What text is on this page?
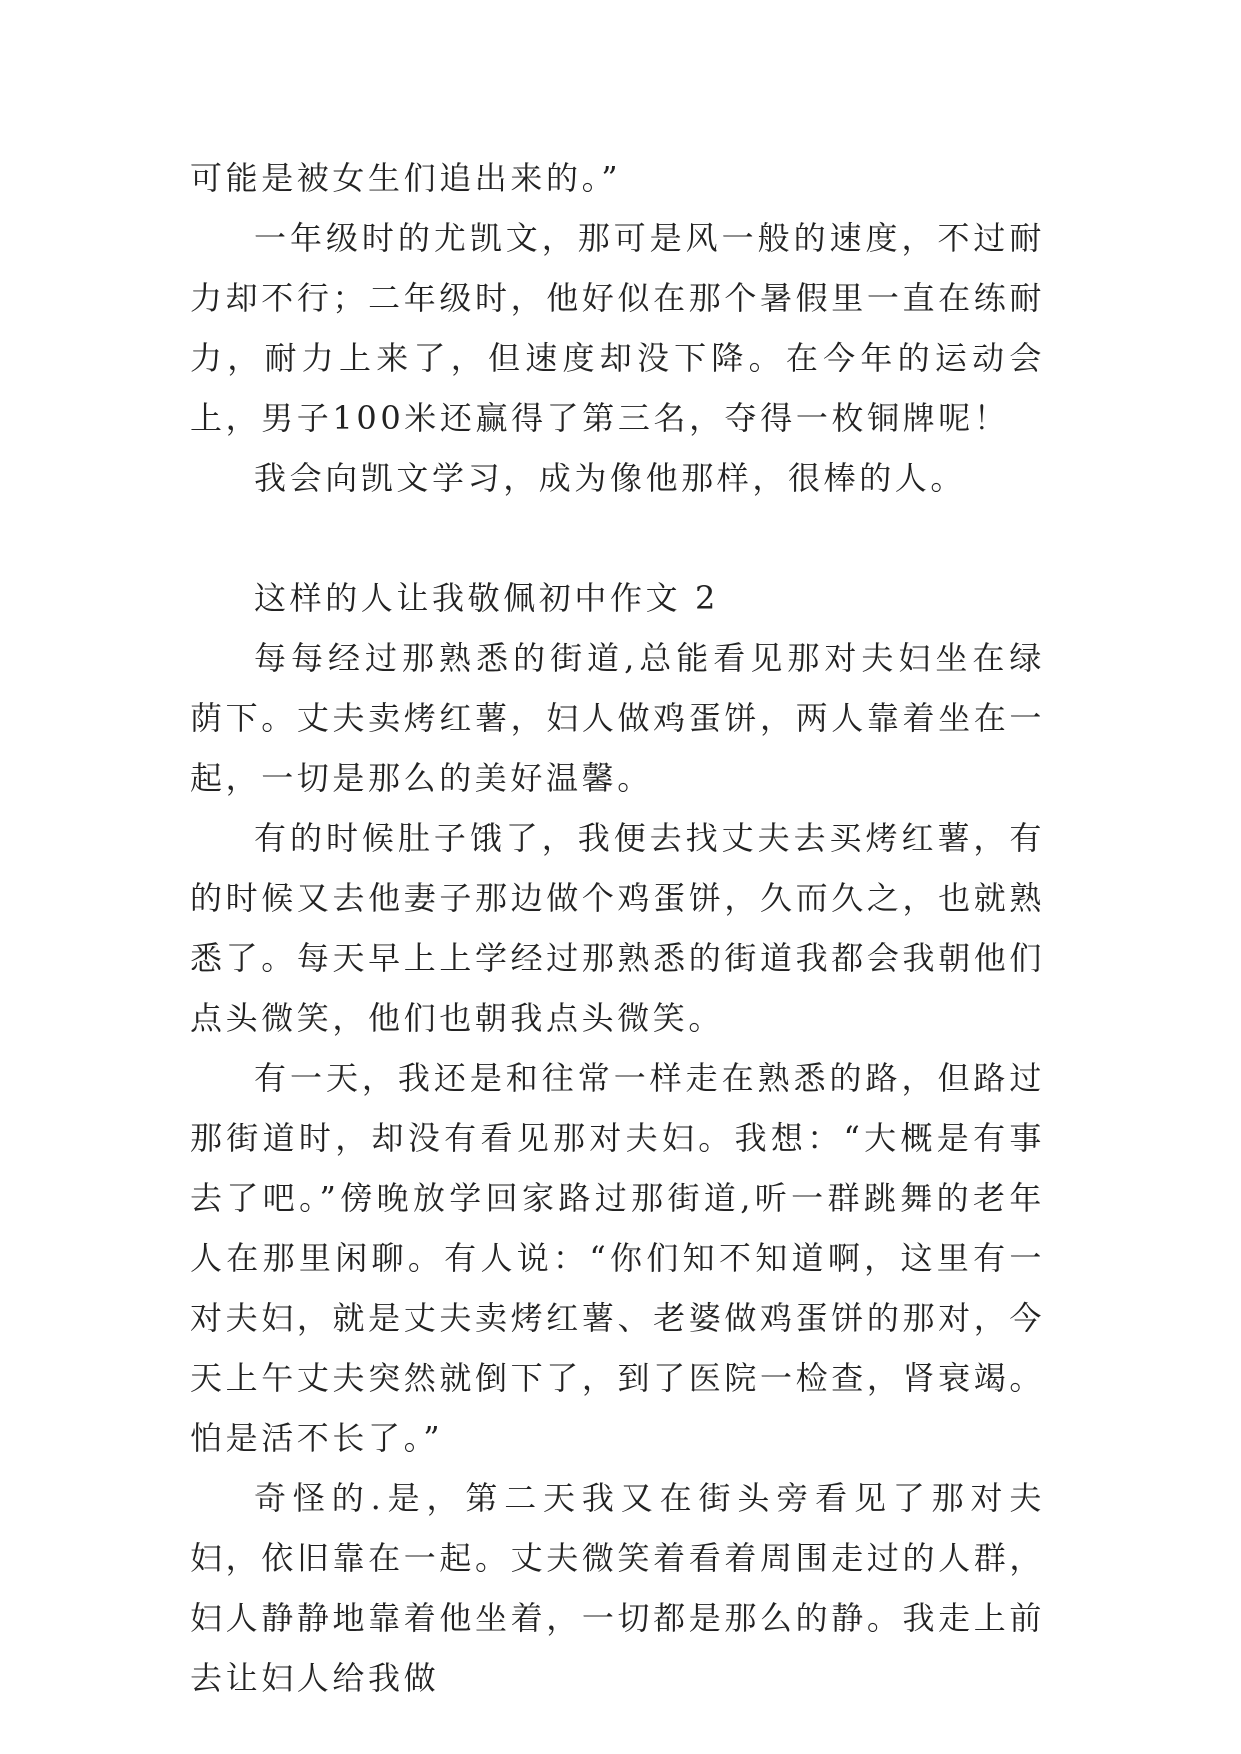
可能是被女生们追出来的。”

一年级时的尤凯文，那可是风一般的速度，不过耐力却不行；二年级时，他好似在那个暑假里一直在练耐力，耐力上来了，但速度却没下降。在今年的运动会上，男子100米还赢得了第三名，夺得一枚铜牌呢！

我会向凯文学习，成为像他那样，很棒的人。

这样的人让我敬佩初中作文 2

每每经过那熟悉的街道,总能看见那对夫妇坐在绿荫下。丈夫卖烤红薯，妇人做鸡蛋饼，两人靠着坐在一起，一切是那么的美好温馨。

有的时候肚子饿了，我便去找丈夫去买烤红薯，有的时候又去他妻子那边做个鸡蛋饼，久而久之，也就熟悉了。每天早上上学经过那熟悉的街道我都会我朝他们点头微笑，他们也朝我点头微笑。

有一天，我还是和往常一样走在熟悉的路，但路过那街道时，却没有看见那对夫妇。我想：“大概是有事去了吧。”傍晚放学回家路过那街道,听一群跳舞的老年人在那里闲聊。有人说：“你们知不知道啊，这里有一对夫妇，就是丈夫卖烤红薯、老婆做鸡蛋饼的那对，今天上午丈夫突然就倒下了，到了医院一检查，肾衰竭。怕是活不长了。”

奇怪的.是，第二天我又在街头旁看见了那对夫妇，依旧靠在一起。丈夫微笑着看着周围走过的人群，妇人静静地靠着他坐着，一切都是那么的静。我走上前去让妇人给我做
